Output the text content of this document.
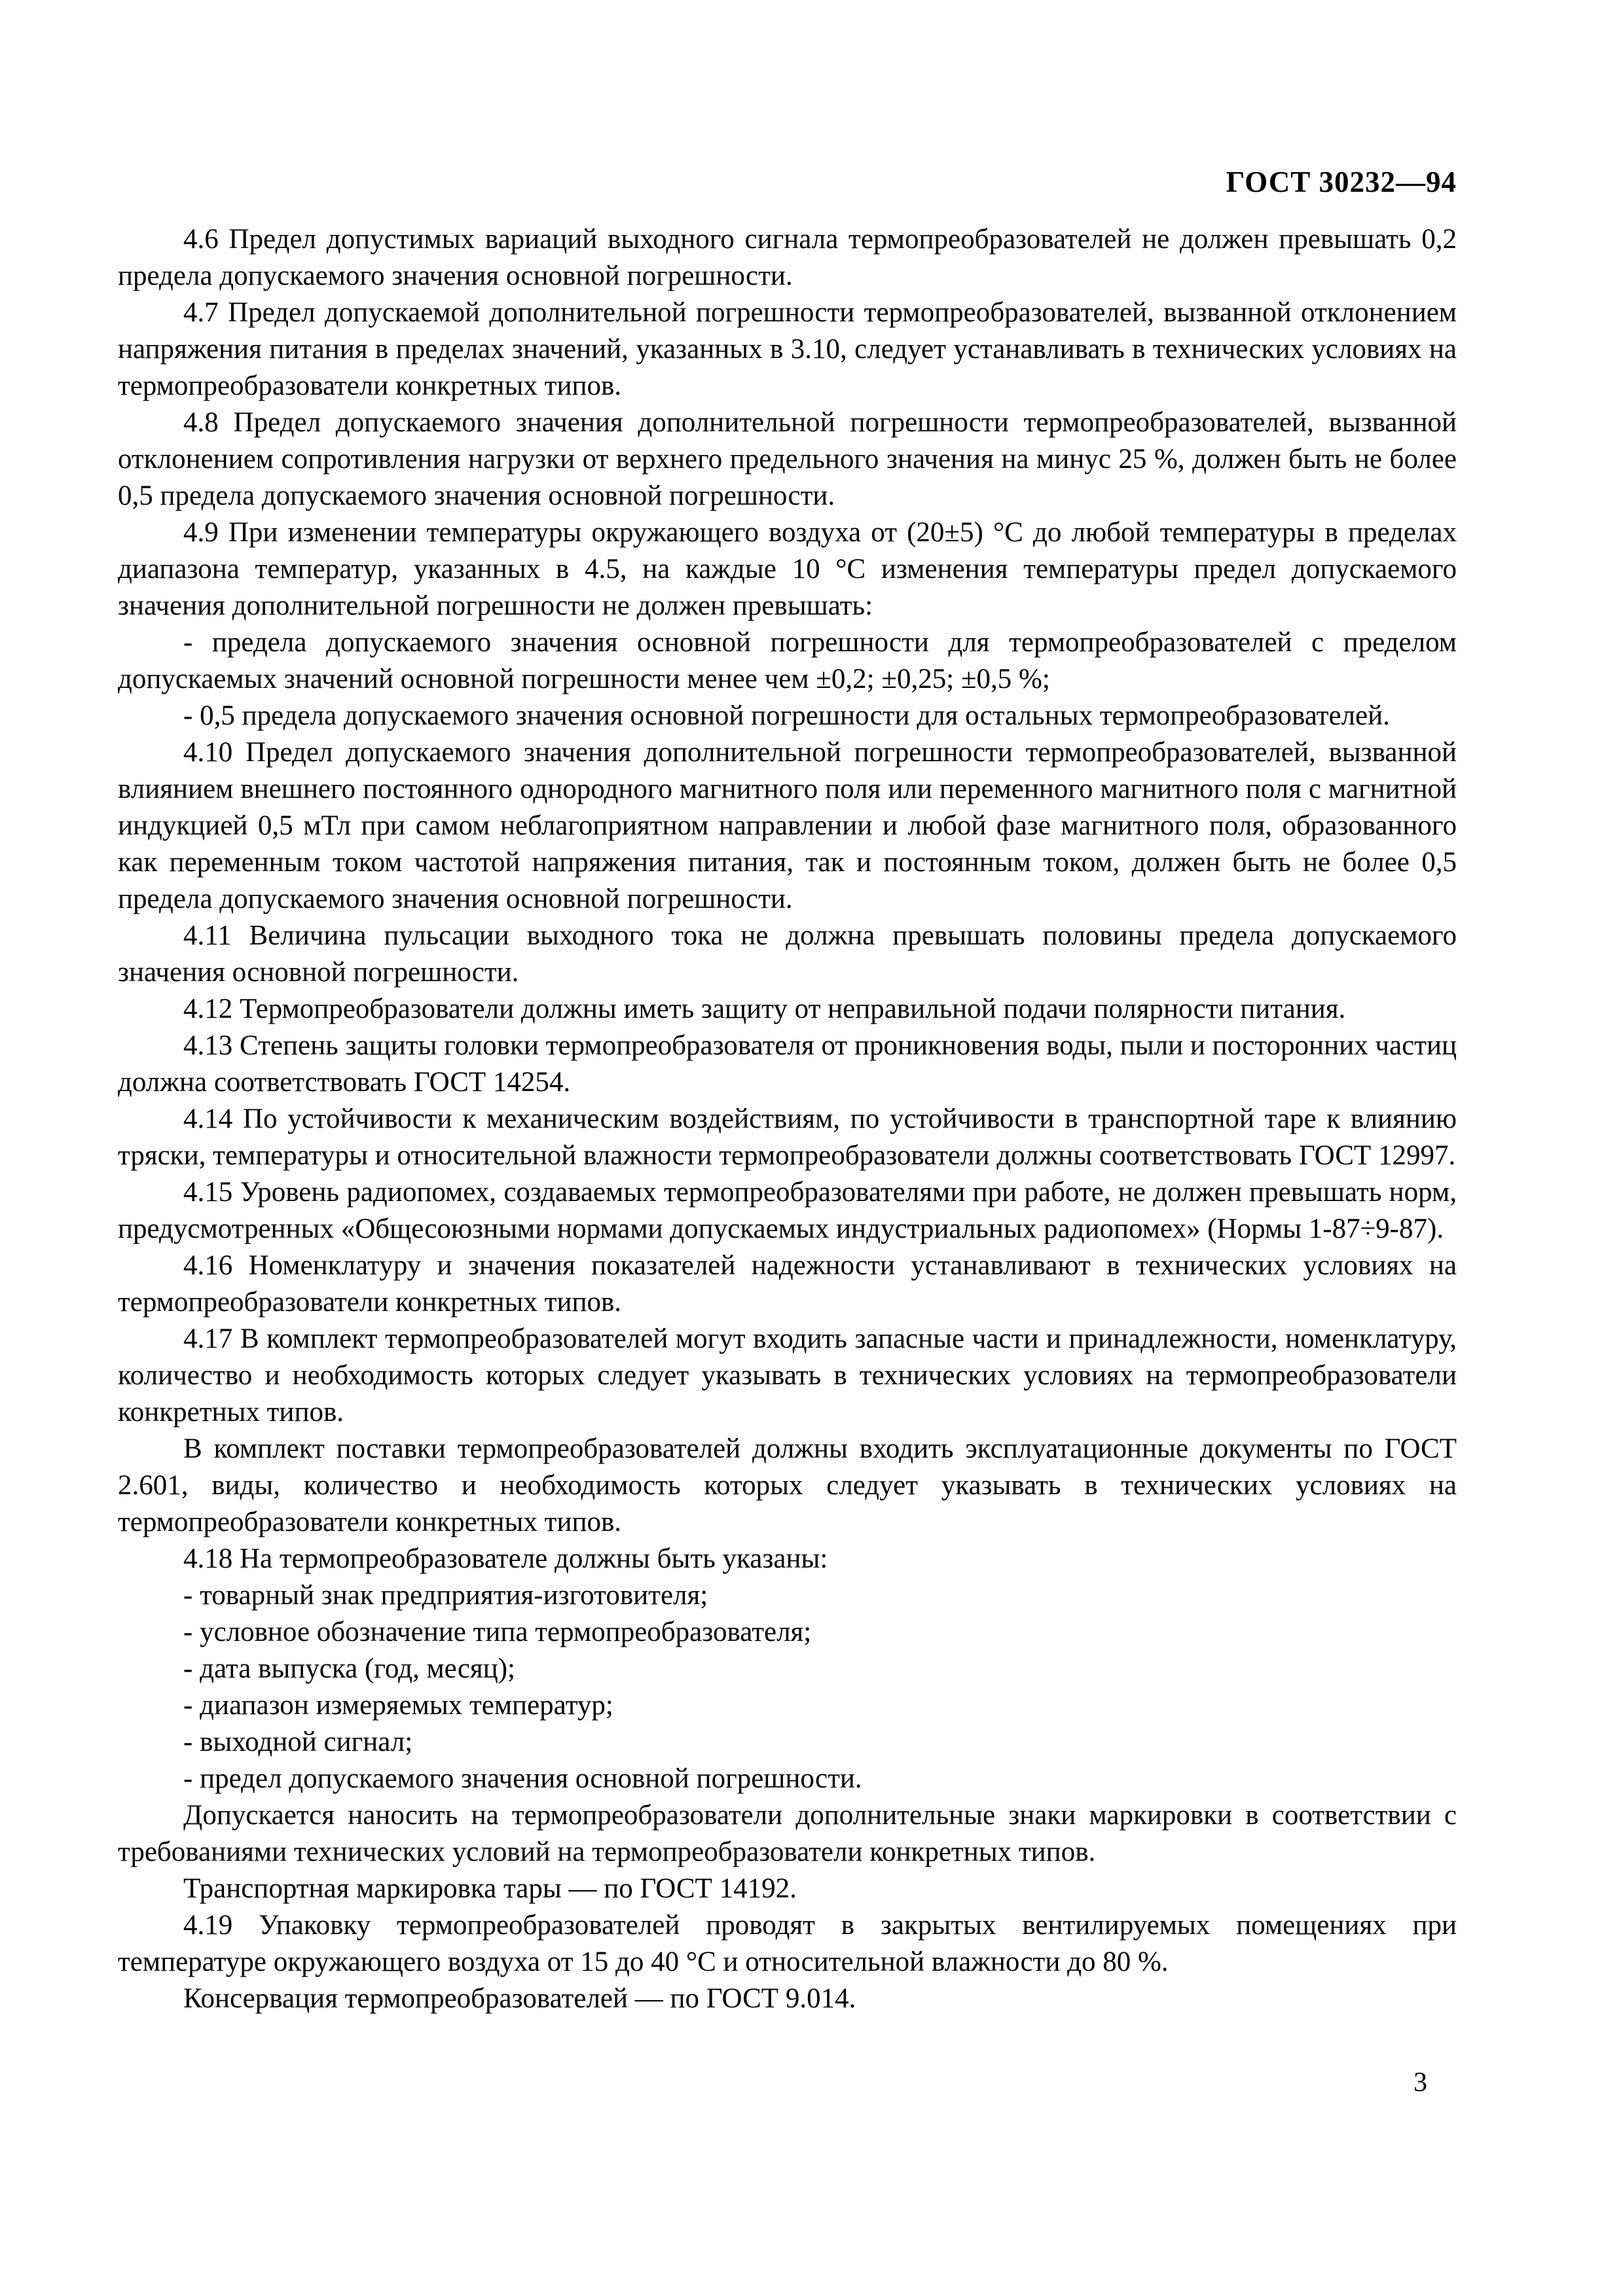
ГОСТ 30232—94

4.6 Предел допустимых вариаций выходного сигнала термопреобразователей не должен превышать 0,2 предела допускаемого значения основной погрешности.

4.7 Предел допускаемой дополнительной погрешности термопреобразователей, вызванной отклонением напряжения питания в пределах значений, указанных в 3.10, следует устанавливать в технических условиях на термопреобразователи конкретных типов.

4.8 Предел допускаемого значения дополнительной погрешности термопреобразователей, вызванной отклонением сопротивления нагрузки от верхнего предельного значения на минус 25 %, должен быть не более 0,5 предела допускаемого значения основной погрешности.

4.9 При изменении температуры окружающего воздуха от (20±5) °С до любой температуры в пределах диапазона температур, указанных в 4.5, на каждые 10 °С изменения температуры предел допускаемого значения дополнительной погрешности не должен превышать:

- предела допускаемого значения основной погрешности для термопреобразователей с пределом допускаемых значений основной погрешности менее чем ±0,2; ±0,25; ±0,5 %;

- 0,5 предела допускаемого значения основной погрешности для остальных термопреобразователей.

4.10 Предел допускаемого значения дополнительной погрешности термопреобразователей, вызванной влиянием внешнего постоянного однородного магнитного поля или переменного магнитного поля с магнитной индукцией 0,5 мТл при самом неблагоприятном направлении и любой фазе магнитного поля, образованного как переменным током частотой напряжения питания, так и постоянным током, должен быть не более 0,5 предела допускаемого значения основной погрешности.

4.11 Величина пульсации выходного тока не должна превышать половины предела допускаемого значения основной погрешности.

4.12 Термопреобразователи должны иметь защиту от неправильной подачи полярности питания.

4.13 Степень защиты головки термопреобразователя от проникновения воды, пыли и посторонних частиц должна соответствовать ГОСТ 14254.

4.14 По устойчивости к механическим воздействиям, по устойчивости в транспортной таре к влиянию тряски, температуры и относительной влажности термопреобразователи должны соответствовать ГОСТ 12997.

4.15 Уровень радиопомех, создаваемых термопреобразователями при работе, не должен превышать норм, предусмотренных «Общесоюзными нормами допускаемых индустриальных радиопомех» (Нормы 1-87÷9-87).

4.16 Номенклатуру и значения показателей надежности устанавливают в технических условиях на термопреобразователи конкретных типов.

4.17 В комплект термопреобразователей могут входить запасные части и принадлежности, номенклатуру, количество и необходимость которых следует указывать в технических условиях на термопреобразователи конкретных типов.

В комплект поставки термопреобразователей должны входить эксплуатационные документы по ГОСТ 2.601, виды, количество и необходимость которых следует указывать в технических условиях на термопреобразователи конкретных типов.

4.18 На термопреобразователе должны быть указаны:

- товарный знак предприятия-изготовителя;

- условное обозначение типа термопреобразователя;

- дата выпуска (год, месяц);

- диапазон измеряемых температур;

- выходной сигнал;

- предел допускаемого значения основной погрешности.

Допускается наносить на термопреобразователи дополнительные знаки маркировки в соответствии с требованиями технических условий на термопреобразователи конкретных типов.

Транспортная маркировка тары — по ГОСТ 14192.

4.19 Упаковку термопреобразователей проводят в закрытых вентилируемых помещениях при температуре окружающего воздуха от 15 до 40 °С и относительной влажности до 80 %.

Консервация термопреобразователей — по ГОСТ 9.014.

3
